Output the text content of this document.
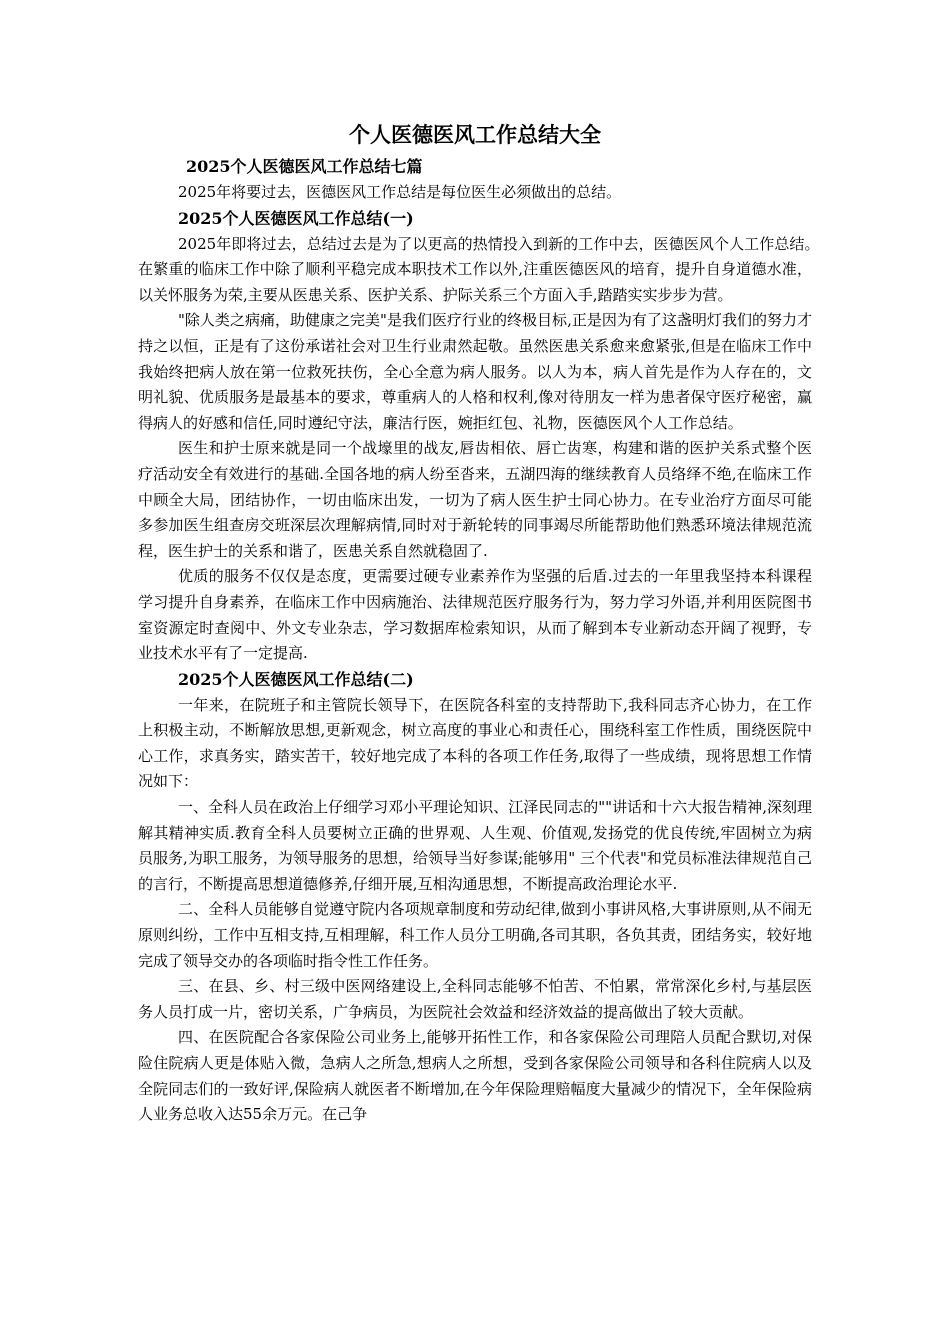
个人医德医风工作总结大全
2025个人医德医风工作总结七篇

2025年将要过去，医德医风工作总结是每位医生必须做出的总结。

2025个人医德医风工作总结(一)

2025年即将过去，总结过去是为了以更高的热情投入到新的工作中去，医德医风个人工作总结。　在繁重的临床工作中除了顺利平稳完成本职技术工作以外,注重医德医风的培育，提升自身道德水准，以关怀服务为荣,主要从医患关系、医护关系、护际关系三个方面入手,踏踏实实步步为营。

"除人类之病痛，助健康之完美"是我们医疗行业的终极目标,正是因为有了这盏明灯我们的努力才持之以恒，正是有了这份承诺社会对卫生行业肃然起敬。虽然医患关系愈来愈紧张,但是在临床工作中我始终把病人放在第一位救死扶伤，全心全意为病人服务。以人为本，病人首先是作为人存在的，文明礼貌、优质服务是最基本的要求，尊重病人的人格和权利,像对待朋友一样为患者保守医疗秘密，赢得病人的好感和信任,同时遵纪守法，廉洁行医，婉拒红包、礼物，医德医风个人工作总结。

医生和护士原来就是同一个战壕里的战友,唇齿相依、唇亡齿寒，构建和谐的医护关系式整个医疗活动安全有效进行的基础.全国各地的病人纷至沓来，五湖四海的继续教育人员络绎不绝,在临床工作中顾全大局，团结协作，一切由临床出发，一切为了病人医生护士同心协力。在专业治疗方面尽可能多参加医生组查房交班深层次理解病情,同时对于新轮转的同事竭尽所能帮助他们熟悉环境法律规范流程，医生护士的关系和谐了，医患关系自然就稳固了.

优质的服务不仅仅是态度，更需要过硬专业素养作为坚强的后盾.过去的一年里我坚持本科课程学习提升自身素养，在临床工作中因病施治、法律规范医疗服务行为，努力学习外语,并利用医院图书室资源定时查阅中、外文专业杂志，学习数据库检索知识，从而了解到本专业新动态开阔了视野，专业技术水平有了一定提高.

2025个人医德医风工作总结(二)

一年来，在院班子和主管院长领导下，在医院各科室的支持帮助下,我科同志齐心协力，在工作上积极主动，不断解放思想,更新观念，树立高度的事业心和责任心，围绕科室工作性质，围绕医院中心工作，求真务实，踏实苦干，较好地完成了本科的各项工作任务,取得了一些成绩，现将思想工作情况如下：

一、全科人员在政治上仔细学习邓小平理论知识、江泽民同志的""讲话和十六大报告精神,深刻理解其精神实质.教育全科人员要树立正确的世界观、人生观、价值观,发扬党的优良传统,牢固树立为病员服务,为职工服务，为领导服务的思想，给领导当好参谋;能够用" 三个代表"和党员标准法律规范自己的言行，不断提高思想道德修养,仔细开展,互相沟通思想，不断提高政治理论水平.

二、全科人员能够自觉遵守院内各项规章制度和劳动纪律,做到小事讲风格,大事讲原则,从不闹无原则纠纷，工作中互相支持,互相理解，科工作人员分工明确,各司其职，各负其责，团结务实，较好地完成了领导交办的各项临时指令性工作任务。

三、在县、乡、村三级中医网络建设上,全科同志能够不怕苦、不怕累，常常深化乡村,与基层医务人员打成一片，密切关系，广争病员，为医院社会效益和经济效益的提高做出了较大贡献。

四、在医院配合各家保险公司业务上,能够开拓性工作，和各家保险公司理陪人员配合默切,对保险住院病人更是体贴入微，急病人之所急,想病人之所想，受到各家保险公司领导和各科住院病人以及全院同志们的一致好评,保险病人就医者不断增加,在今年保险理赔幅度大量减少的情况下，全年保险病人业务总收入达55余万元。在己争
